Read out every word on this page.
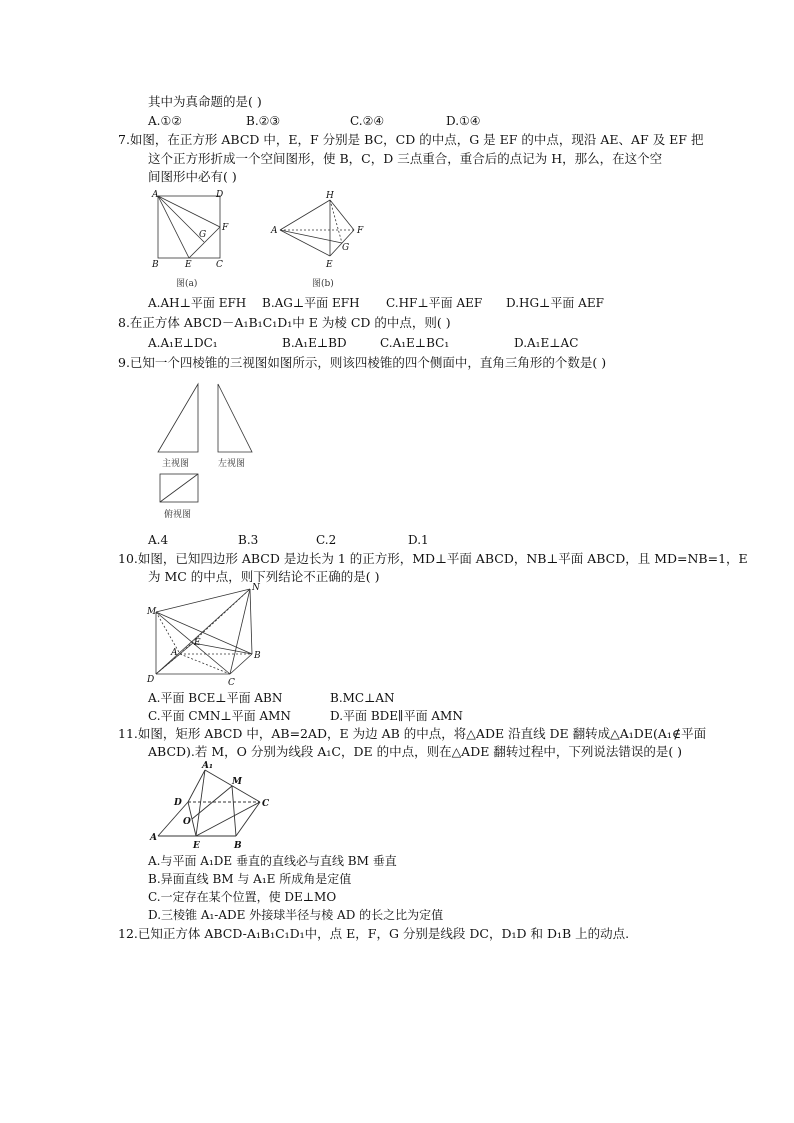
其中为真命题的是( )
A.①②	B.②③	C.②④	D.①④
7.如图，在正方形 ABCD 中，E，F 分别是 BC，CD 的中点，G 是 EF 的中点，现沿 AE、AF 及 EF 把
这个正方形折成一个空间图形，使 B，C，D 三点重合，重合后的点记为 H，那么，在这个空
间图形中必有( )
A	D
F
G
B	E	C
图(a)
H
A	F
G
E
图(b)
A.AH⊥平面 EFH B.AG⊥平面 EFH C.HF⊥平面 AEF D.HG⊥平面 AEF
8.在正方体 ABCD－A₁B₁C₁D₁中 E 为棱 CD 的中点，则( )
A.A₁E⊥DC₁	B.A₁E⊥BD	C.A₁E⊥BC₁	D.A₁E⊥AC
9.已知一个四棱锥的三视图如图所示，则该四棱锥的四个侧面中，直角三角形的个数是( )
主视图	左视图
俯视图
A.4	B.3	C.2	D.1
10.如图，已知四边形 ABCD 是边长为 1 的正方形，MD⊥平面 ABCD，NB⊥平面 ABCD，且 MD=NB=1，E
为 MC 的中点，则下列结论不正确的是( )
N
M
E
A	B
D	C
A.平面 BCE⊥平面 ABN	B.MC⊥AN
C.平面 CMN⊥平面 AMN	D.平面 BDE∥平面 AMN
11.如图，矩形 ABCD 中，AB=2AD，E 为边 AB 的中点，将△ADE 沿直线 DE 翻转成△A₁DE(A₁∉平面
ABCD).若 M，O 分别为线段 A₁C，DE 的中点，则在△ADE 翻转过程中，下列说法错误的是( )
A₁
M
D	C
O
A
E	B
A.与平面 A₁DE 垂直的直线必与直线 BM 垂直
B.异面直线 BM 与 A₁E 所成角是定值
C.一定存在某个位置，使 DE⊥MO
D.三棱锥 A₁-ADE 外接球半径与棱 AD 的长之比为定值
12.已知正方体 ABCD-A₁B₁C₁D₁中，点 E，F，G 分别是线段 DC，D₁D 和 D₁B 上的动点.
